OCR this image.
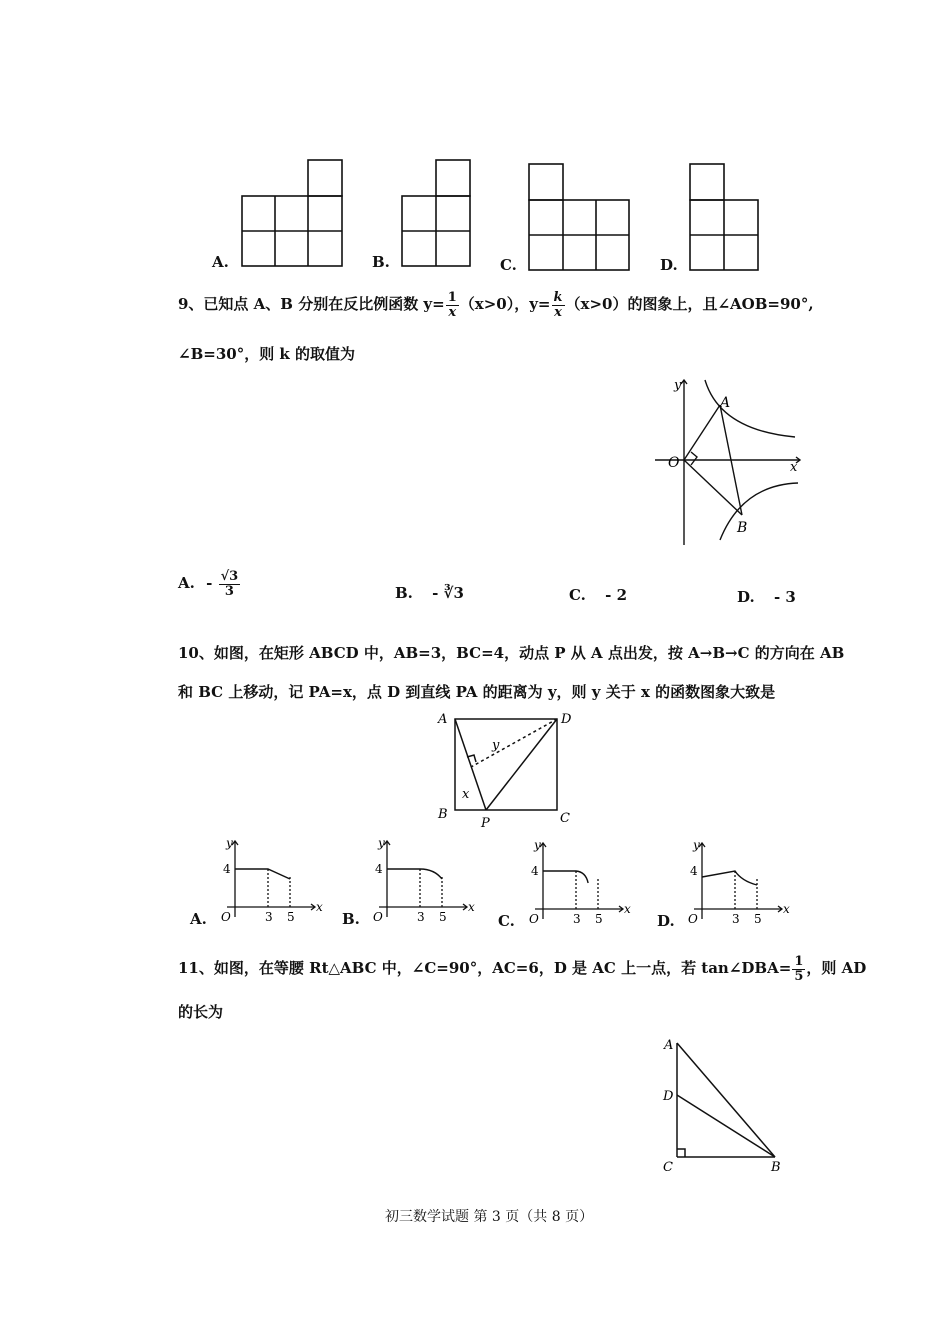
A.	B.	C.	D.
9、已知点 A、B 分别在反比例函数 $y= \frac{1}{x} (x>0)$，$y= \frac{k}{x} (x>0)$的图象上，且∠AOB=90°,
∠B=30°，则 k 的取值为
y
x
O
A
B
A. - $\frac{√3}{3}$	B. - ∛3	C. - 2	D. - 3
10、如图，在矩形 ABCD 中，AB=3，BC=4，动点 P 从 A 点出发，按 A→B→C 的方向在 AB
和 BC 上移动，记 PA=x，点 D 到直线 PA 的距离为 y，则 y 关于 x 的函数图象大致是
A	D
B	C
P
x
y
A.	B.	C.	D.
y
x
O
4
3 5
y
x
O
4
3 5
y
x
O
4
3 5
y
x
O
4
3 5
11、如图，在等腰 Rt△ABC 中，∠C=90°，AC=6，D 是 AC 上一点，若 tan∠DBA= $\frac{1}{5}$ ，则 AD
的长为
A
D
C	B
初三数学试题 第 3 页（共 8 页）
